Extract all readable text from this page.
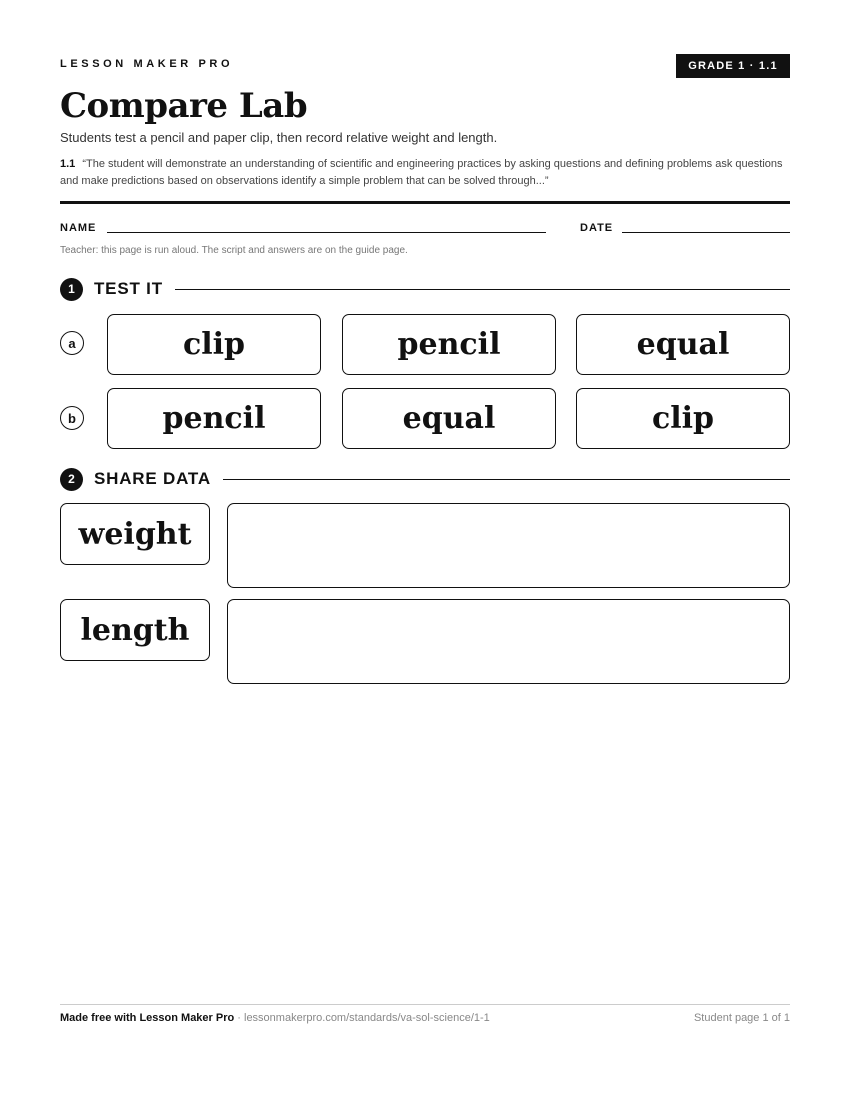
LESSON MAKER PRO	GRADE 1 · 1.1
Compare Lab
Students test a pencil and paper clip, then record relative weight and length.
1.1 “The student will demonstrate an understanding of scientific and engineering practices by asking questions and defining problems ask questions and make predictions based on observations identify a simple problem that can be solved through...”
NAME	DATE
Teacher: this page is run aloud. The script and answers are on the guide page.
1	TEST IT
a	clip	pencil	equal
b	pencil	equal	clip
2	SHARE DATA
weight
length
Made free with Lesson Maker Pro · lessonmakerpro.com/standards/va-sol-science/1-1	Student page 1 of 1
